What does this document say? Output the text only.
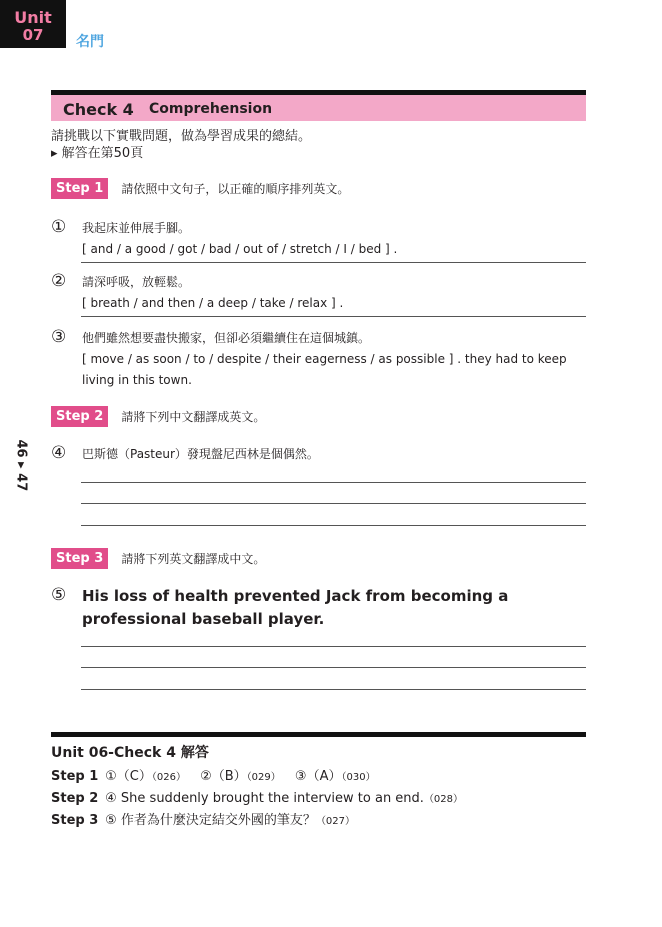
Unit
07	名門
46 ▸ 47
Check 4 Comprehension
請挑戰以下實戰問題，做為學習成果的總結。
▸ 解答在第50頁
Step 1 請依照中文句子，以正確的順序排列英文。
① 我起床並伸展手腳。
[ and / a good / got / bad / out of / stretch / I / bed ] .
② 請深呼吸，放輕鬆。
[ breath / and then / a deep / take / relax ] .
③ 他們雖然想要盡快搬家，但卻必須繼續住在這個城鎮。
[ move / as soon / to / despite / their eagerness / as possible ] . they had to keep living in this town.
Step 2 請將下列中文翻譯成英文。
④ 巴斯德（Pasteur）發現盤尼西林是個偶然。
Step 3 請將下列英文翻譯成中文。
⑤ His loss of health prevented Jack from becoming a professional baseball player.
Unit 06-Check 4 解答
Step 1 ①（C）（026） ②（B）（029） ③（A）（030）
Step 2 ④ She suddenly brought the interview to an end.（028）
Step 3 ⑤ 作者為什麼決定結交外國的筆友？（027）
